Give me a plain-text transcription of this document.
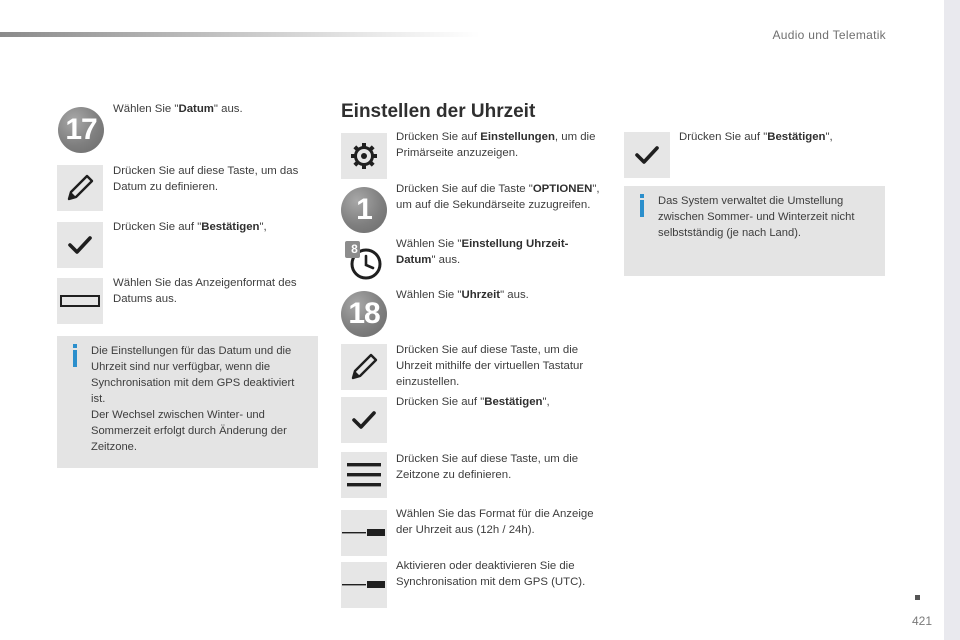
Audio und Telematik
17
Wählen Sie "Datum" aus.
Drücken Sie auf diese Taste, um das Datum zu definieren.
Drücken Sie auf "Bestätigen",
Wählen Sie das Anzeigenformat des Datums aus.
Die Einstellungen für das Datum und die Uhrzeit sind nur verfügbar, wenn die Synchronisation mit dem GPS deaktiviert ist.
Der Wechsel zwischen Winter- und Sommerzeit erfolgt durch Änderung der Zeitzone.
Einstellen der Uhrzeit
Drücken Sie auf Einstellungen, um die Primärseite anzuzeigen.
1
Drücken Sie auf die Taste "OPTIONEN", um auf die Sekundärseite zuzugreifen.
8	Wählen Sie "Einstellung Uhrzeit-Datum" aus.
18
Wählen Sie "Uhrzeit" aus.
Drücken Sie auf diese Taste, um die Uhrzeit mithilfe der virtuellen Tastatur einzustellen.
Drücken Sie auf "Bestätigen",
Drücken Sie auf diese Taste, um die Zeitzone zu definieren.
Wählen Sie das Format für die Anzeige der Uhrzeit aus (12h / 24h).
Aktivieren oder deaktivieren Sie die Synchronisation mit dem GPS (UTC).
Drücken Sie auf "Bestätigen",
Das System verwaltet die Umstellung zwischen Sommer- und Winterzeit nicht selbstständig (je nach Land).
421
